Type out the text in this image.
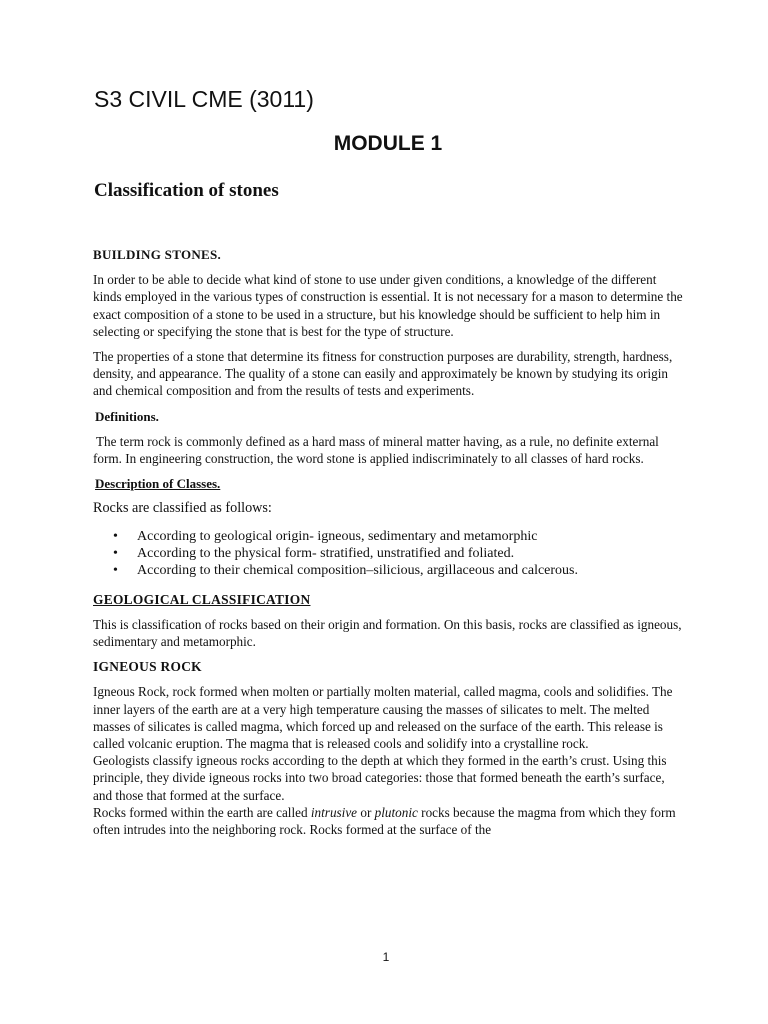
S3 CIVIL CME (3011)
MODULE 1
Classification of stones
BUILDING STONES.

In order to be able to decide what kind of stone to use under given conditions, a knowledge of the different kinds employed in the various types of construction is essential. It is not necessary for a mason to determine the exact composition of a stone to be used in a structure, but his knowledge should be sufficient to help him in selecting or specifying the stone that is best for the type of structure.

The properties of a stone that determine its fitness for construction purposes are durability, strength, hardness, density, and appearance. The quality of a stone can easily and approximately be known by studying its origin and chemical composition and from the results of tests and experiments.

Definitions.

The term rock is commonly defined as a hard mass of mineral matter having, as a rule, no definite external form. In engineering construction, the word stone is applied indiscriminately to all classes of hard rocks.

Description of Classes.

Rocks are classified as follows:

• According to geological origin- igneous, sedimentary and metamorphic
• According to the physical form- stratified, unstratified and foliated.
• According to their chemical composition–silicious, argillaceous and calcerous.
GEOLOGICAL CLASSIFICATION

This is classification of rocks based on their origin and formation. On this basis, rocks are classified as igneous, sedimentary and metamorphic.

IGNEOUS ROCK

Igneous Rock, rock formed when molten or partially molten material, called magma, cools and solidifies. The inner layers of the earth are at a very high temperature causing the masses of silicates to melt. The melted masses of silicates is called magma, which forced up and released on the surface of the earth. This release is called volcanic eruption. The magma that is released cools and solidify into a crystalline rock.

Geologists classify igneous rocks according to the depth at which they formed in the earth’s crust. Using this principle, they divide igneous rocks into two broad categories: those that formed beneath the earth’s surface, and those that formed at the surface.

Rocks formed within the earth are called intrusive or plutonic rocks because the magma from which they form often intrudes into the neighboring rock. Rocks formed at the surface of the

1
